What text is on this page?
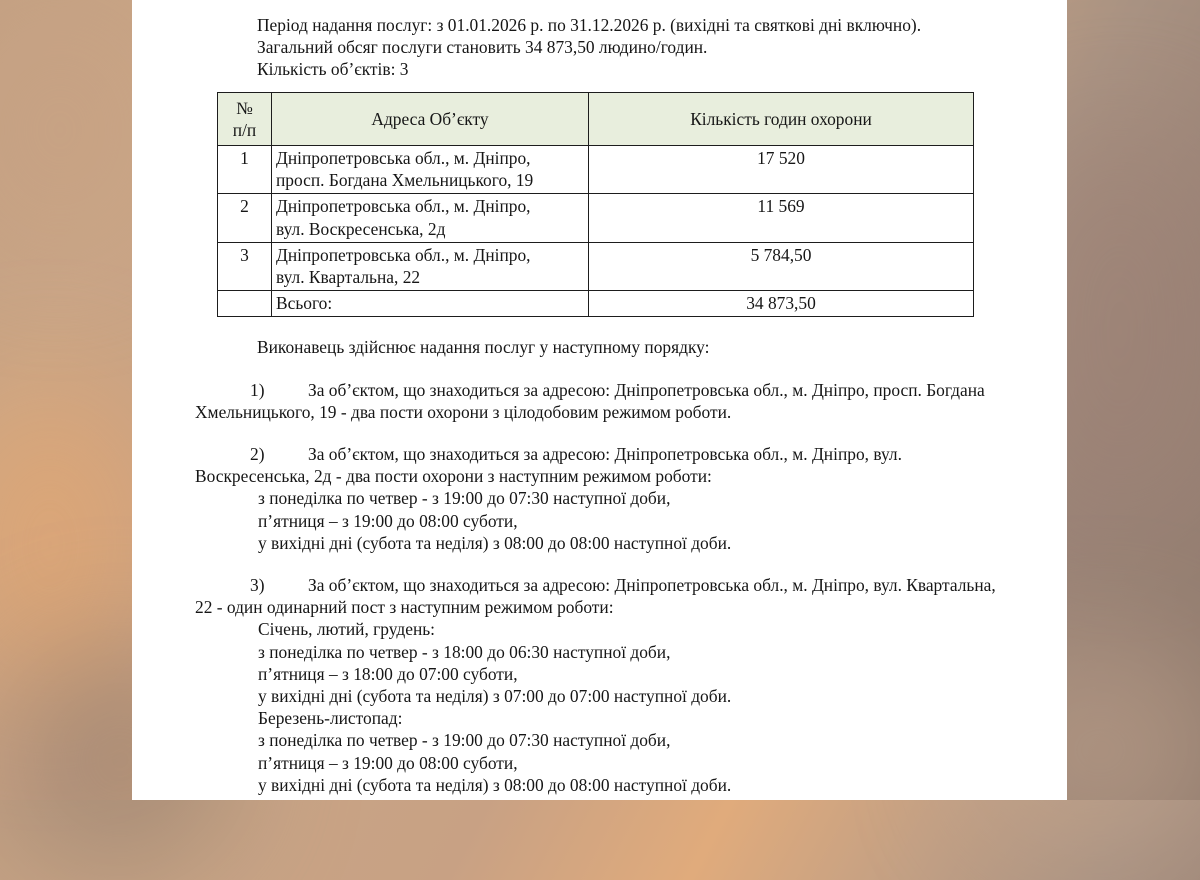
Період надання послуг: з 01.01.2026 р. по 31.12.2026 р. (вихідні та святкові дні включно).
Загальний обсяг послуги становить 34 873,50 людино/годин.
Кількість об’єктів: 3
№
п/п	Адреса Об’єкту	Кількість годин охорони
1	Дніпропетровська обл., м. Дніпро,
просп. Богдана Хмельницького, 19	17 520
2	Дніпропетровська обл., м. Дніпро,
вул. Воскресенська, 2д	11 569
3	Дніпропетровська обл., м. Дніпро,
вул. Квартальна, 22	5 784,50
	Всього:	34 873,50
Виконавець здійснює надання послуг у наступному порядку:
1)	За об’єктом, що знаходиться за адресою: Дніпропетровська обл., м. Дніпро, просп. Богдана Хмельницького, 19 - два пости охорони з цілодобовим режимом роботи.
2)	За об’єктом, що знаходиться за адресою: Дніпропетровська обл., м. Дніпро, вул. Воскресенська, 2д - два пости охорони з наступним режимом роботи:
з понеділка по четвер - з 19:00 до 07:30 наступної доби,
п’ятниця – з 19:00 до 08:00 суботи,
у вихідні дні (субота та неділя) з 08:00 до 08:00 наступної доби.
3)	За об’єктом, що знаходиться за адресою: Дніпропетровська обл., м. Дніпро, вул. Квартальна, 22 - один одинарний пост з наступним режимом роботи:
Січень, лютий, грудень:
з понеділка по четвер - з 18:00 до 06:30 наступної доби,
п’ятниця – з 18:00 до 07:00 суботи,
у вихідні дні (субота та неділя) з 07:00 до 07:00 наступної доби.
Березень-листопад:
з понеділка по четвер - з 19:00 до 07:30 наступної доби,
п’ятниця – з 19:00 до 08:00 суботи,
у вихідні дні (субота та неділя) з 08:00 до 08:00 наступної доби.
